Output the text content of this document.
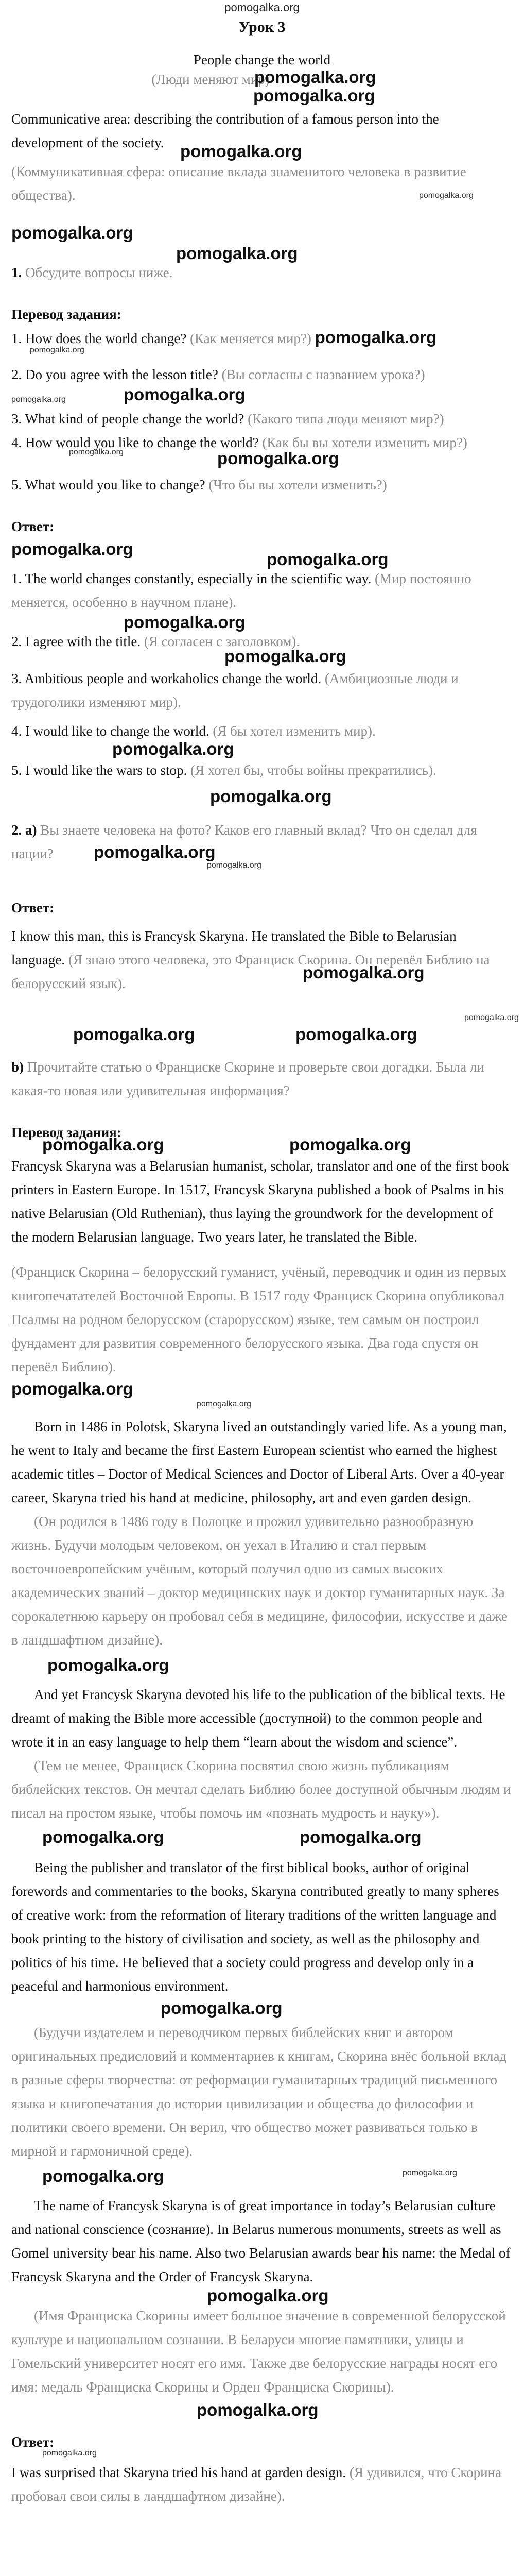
pomogalka.org
Урок 3
People change the world
pomogalka.org
(Люди меняют мир)
pomogalka.org

Communicative area: describing the contribution of a famous person into the development of the society.

(Коммуникативная сфера: описание вклада знаменитого человека в развитие общества).

pomogalka.org
pomogalka.org
pomogalka.org
pomogalka.org

1. Обсудите вопросы ниже.

Перевод задания:

1. How does the world change? (Как меняется мир?) pomogalka.org

pomogalka.org

2. Do you agree with the lesson title? (Вы согласны с названием урока?)

pomogalka.org
pomogalka.org

3. What kind of people change the world? (Какого типа люди меняют мир?)

4. How would you like to change the world? (Как бы вы хотели изменить мир?)

pomogalka.org
pomogalka.org

5. What would you like to change? (Что бы вы хотели изменить?)

Ответ:
pomogalka.org
pomogalka.org

1. The world changes constantly, especially in the scientific way. (Мир постоянно меняется, особенно в научном плане).

pomogalka.org

2. I agree with the title. (Я согласен с заголовком).

pomogalka.org

3. Ambitious people and workaholics change the world. (Амбициозные люди и трудоголики изменяют мир).

4. I would like to change the world. (Я бы хотел изменить мир).

pomogalka.org

5. I would like the wars to stop. (Я хотел бы, чтобы войны прекратились).

pomogalka.org

2. a) Вы знаете человека на фото? Каков его главный вклад? Что он сделал для нации?	pomogalka.org
pomogalka.org
Ответ:

I know this man, this is Francysk Skaryna. He translated the Bible to Belarusian language. (Я знаю этого человека, это Франциск Скорина. Он перевёл Библию на белорусский язык).

pomogalka.org
pomogalka.org
pomogalka.org	pomogalka.org

b) Прочитайте статью о Франциске Скорине и проверьте свои догадки. Была ли какая-то новая или удивительная информация?

Перевод задания:
pomogalka.org	pomogalka.org

Francysk Skaryna was a Belarusian humanist, scholar, translator and one of the first book printers in Eastern Europe. In 1517, Francysk Skaryna published a book of Psalms in his native Belarusian (Old Ruthenian), thus laying the groundwork for the development of the modern Belarusian language. Two years later, he translated the Bible.

(Франциск Скорина – белорусский гуманист, учёный, переводчик и один из первых книгопечатателей Восточной Европы. В 1517 году Франциск Скорина опубликовал Псалмы на родном белорусском (старорусском) языке, тем самым он построил фундамент для развития современного белорусского языка. Два года спустя он перевёл Библию).

pomogalka.org
pomogalka.org

Born in 1486 in Polotsk, Skaryna lived an outstandingly varied life. As a young man, he went to Italy and became the first Eastern European scientist who earned the highest academic titles – Doctor of Medical Sciences and Doctor of Liberal Arts. Over a 40-year career, Skaryna tried his hand at medicine, philosophy, art and even garden design.

(Он родился в 1486 году в Полоцке и прожил удивительно разнообразную жизнь. Будучи молодым человеком, он уехал в Италию и стал первым восточноевропейским учёным, который получил одно из самых высоких академических званий – доктор медицинских наук и доктор гуманитарных наук. За сорокалетнюю карьеру он пробовал себя в медицине, философии, искусстве и даже в ландшафтном дизайне).

pomogalka.org

And yet Francysk Skaryna devoted his life to the publication of the biblical texts. He dreamt of making the Bible more accessible (доступной) to the common people and wrote it in an easy language to help them “learn about the wisdom and science”.

(Тем не менее, Франциск Скорина посвятил свою жизнь публикациям библейских текстов. Он мечтал сделать Библию более доступной обычным людям и писал на простом языке, чтобы помочь им «познать мудрость и науку»).

pomogalka.org	pomogalka.org

Being the publisher and translator of the first biblical books, author of original forewords and commentaries to the books, Skaryna contributed greatly to many spheres of creative work: from the reformation of literary traditions of the written language and book printing to the history of civilisation and society, as well as the philosophy and politics of his time. He believed that a society could progress and develop only in a peaceful and harmonious environment.

pomogalka.org

(Будучи издателем и переводчиком первых библейских книг и автором оригинальных предисловий и комментариев к книгам, Скорина внёс больной вклад в разные сферы творчества: от реформации гуманитарных традиций письменного языка и книгопечатания до истории цивилизации и общества до философии и политики своего времени. Он верил, что общество может развиваться только в мирной и гармоничной среде).

pomogalka.org	pomogalka.org

The name of Francysk Skaryna is of great importance in today’s Belarusian culture and national conscience (сознание). In Belarus numerous monuments, streets as well as Gomel university bear his name. Also two Belarusian awards bear his name: the Medal of Francysk Skaryna and the Order of Francysk Skaryna.

pomogalka.org

(Имя Франциска Скорины имеет большое значение в современной белорусской культуре и национальном сознании. В Беларуси многие памятники, улицы и Гомельский университет носят его имя. Также две белорусские награды носят его имя: медаль Франциска Скорины и Орден Франциска Скорины).

pomogalka.org
Ответ:
pomogalka.org

I was surprised that Skaryna tried his hand at garden design. (Я удивился, что Скорина пробовал свои силы в ландшафтном дизайне).
